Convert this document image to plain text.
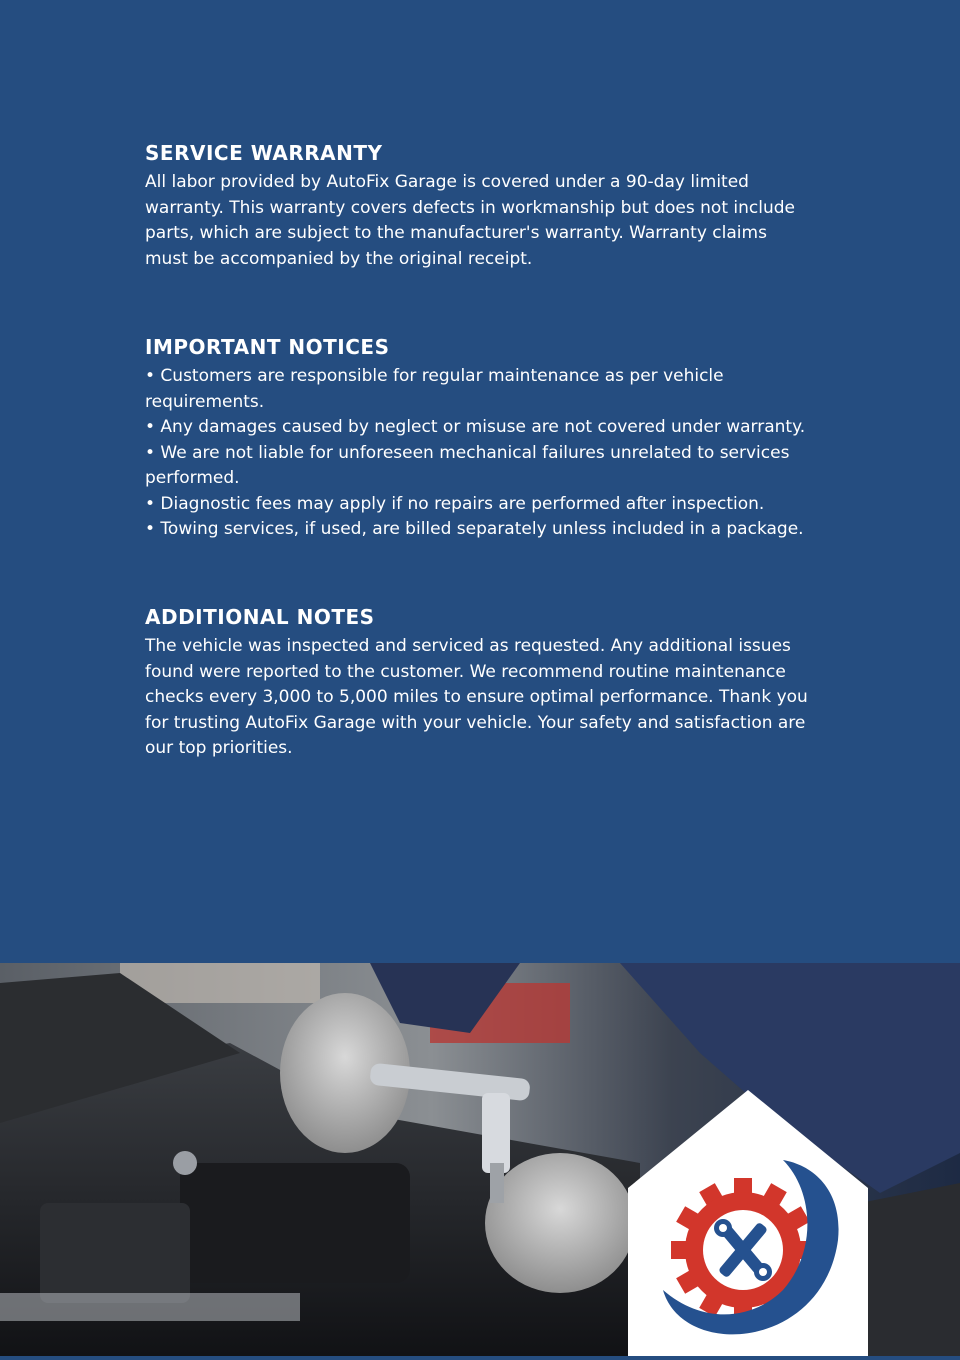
SERVICE WARRANTY

All labor provided by AutoFix Garage is covered under a 90-day limited warranty. This warranty covers defects in workmanship but does not include parts, which are subject to the manufacturer's warranty. Warranty claims must be accompanied by the original receipt.

IMPORTANT NOTICES
• Customers are responsible for regular maintenance as per vehicle requirements.
• Any damages caused by neglect or misuse are not covered under warranty.
• We are not liable for unforeseen mechanical failures unrelated to services performed.
• Diagnostic fees may apply if no repairs are performed after inspection.
• Towing services, if used, are billed separately unless included in a package.
ADDITIONAL NOTES

The vehicle was inspected and serviced as requested. Any additional issues found were reported to the customer. We recommend routine maintenance checks every 3,000 to 5,000 miles to ensure optimal performance. Thank you for trusting AutoFix Garage with your vehicle. Your safety and satisfaction are our top priorities.
